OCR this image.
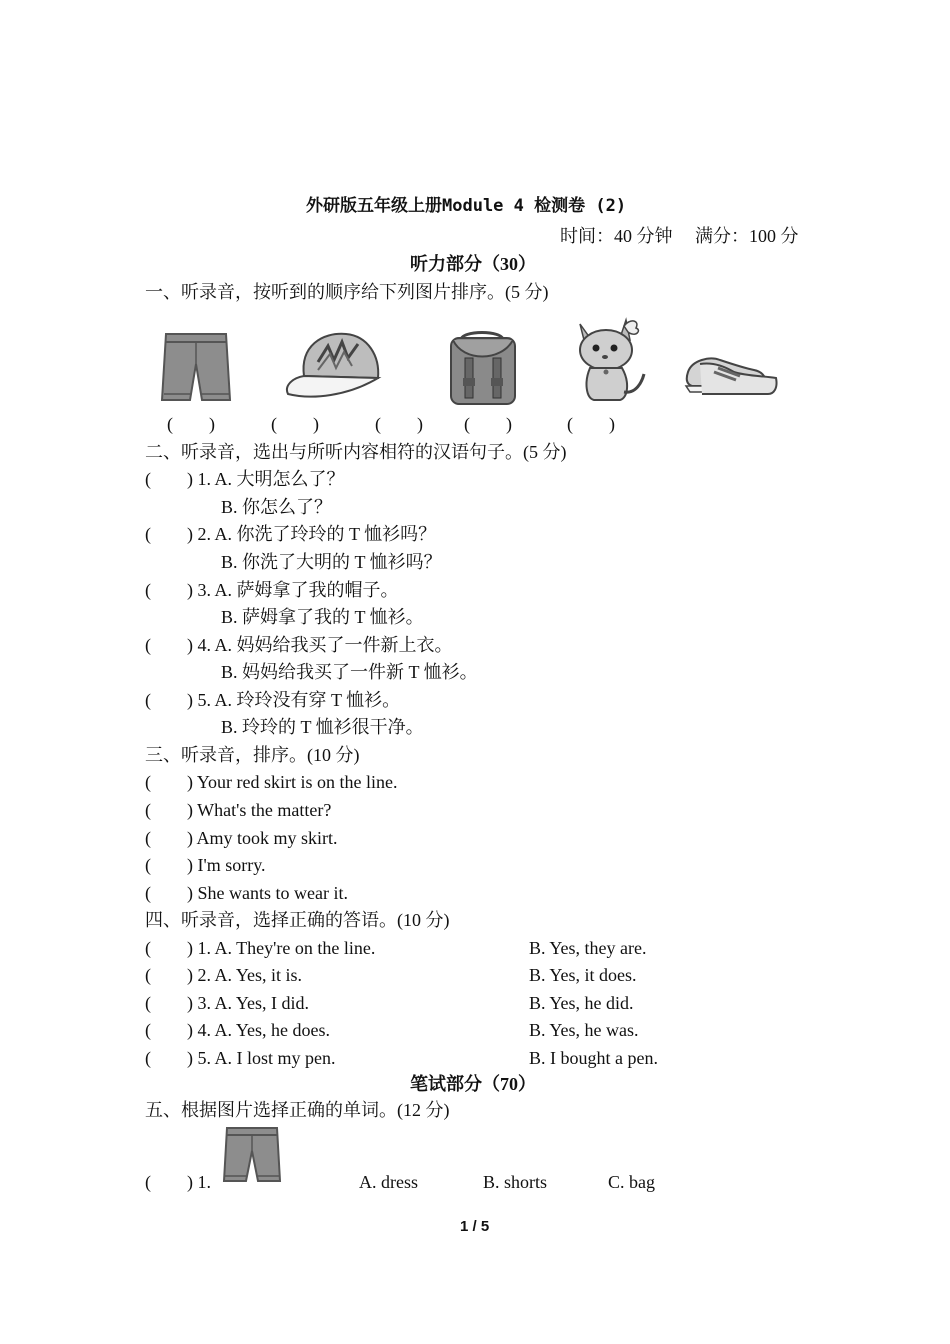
外研版五年级上册Module 4 检测卷 (2)
时间：40 分钟　 满分：100 分
听力部分（30）
一、听录音，按听到的顺序给下列图片排序。(5 分)
(　　)	(　　)	(　　) (　　)	(　　)
二、听录音，选出与所听内容相符的汉语句子。(5 分)
(　　) 1. A. 大明怎么了？
B. 你怎么了？
(　　) 2. A. 你洗了玲玲的 T 恤衫吗？
B. 你洗了大明的 T 恤衫吗？
(　　) 3. A. 萨姆拿了我的帽子。
B. 萨姆拿了我的 T 恤衫。
(　　) 4. A. 妈妈给我买了一件新上衣。
B. 妈妈给我买了一件新 T 恤衫。
(　　) 5. A. 玲玲没有穿 T 恤衫。
B. 玲玲的 T 恤衫很干净。
三、听录音，排序。(10 分)
(　　) Your red skirt is on the line.
(　　) What's the matter?
(　　) Amy took my skirt.
(　　) I'm sorry.
(　　) She wants to wear it.
四、听录音，选择正确的答语。(10 分)
(　　) 1. A. They're on the line.	B. Yes, they are.
(　　) 2. A. Yes, it is.	B. Yes, it does.
(　　) 3. A. Yes, I did.	B. Yes, he did.
(　　) 4. A. Yes, he does.	B. Yes, he was.
(　　) 5. A. I lost my pen.	B. I bought a pen.
笔试部分（70）
五、根据图片选择正确的单词。(12 分)
(　　) 1.	A. dress	B. shorts	C. bag
1 / 5
